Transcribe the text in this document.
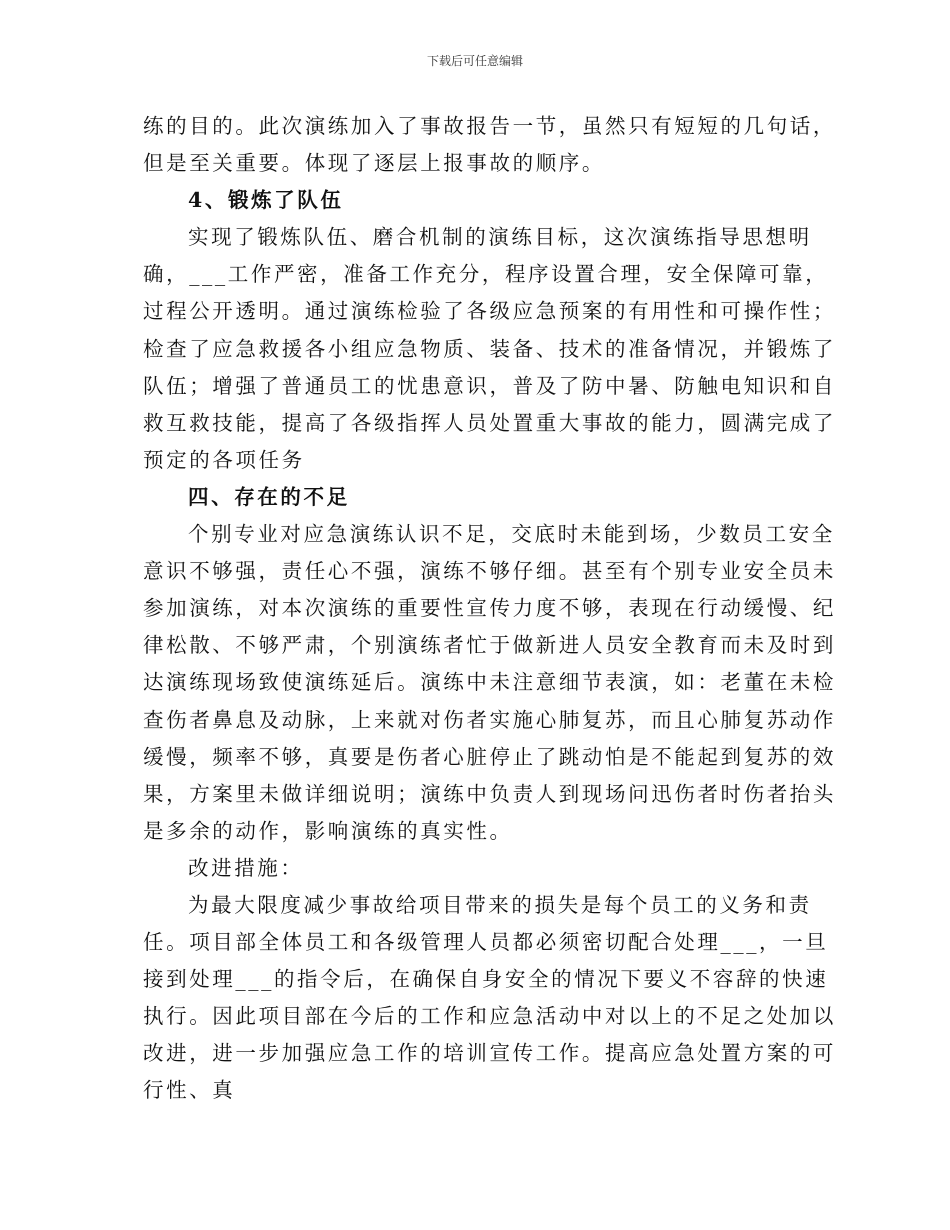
下载后可任意编辑

练的目的。此次演练加入了事故报告一节，虽然只有短短的几句话，但是至关重要。体现了逐层上报事故的顺序。

4、锻炼了队伍

实现了锻炼队伍、磨合机制的演练目标，这次演练指导思想明确，___工作严密，准备工作充分，程序设置合理，安全保障可靠，过程公开透明。通过演练检验了各级应急预案的有用性和可操作性；检查了应急救援各小组应急物质、装备、技术的准备情况，并锻炼了队伍；增强了普通员工的忧患意识，普及了防中暑、防触电知识和自救互救技能，提高了各级指挥人员处置重大事故的能力，圆满完成了预定的各项任务

四、存在的不足

个别专业对应急演练认识不足，交底时未能到场，少数员工安全意识不够强，责任心不强，演练不够仔细。甚至有个别专业安全员未参加演练，对本次演练的重要性宣传力度不够，表现在行动缓慢、纪律松散、不够严肃，个别演练者忙于做新进人员安全教育而未及时到达演练现场致使演练延后。演练中未注意细节表演，如：老董在未检查伤者鼻息及动脉，上来就对伤者实施心肺复苏，而且心肺复苏动作缓慢，频率不够，真要是伤者心脏停止了跳动怕是不能起到复苏的效果，方案里未做详细说明；演练中负责人到现场问迅伤者时伤者抬头是多余的动作，影响演练的真实性。

改进措施：

为最大限度减少事故给项目带来的损失是每个员工的义务和责任。项目部全体员工和各级管理人员都必须密切配合处理___，一旦接到处理___的指令后，在确保自身安全的情况下要义不容辞的快速执行。因此项目部在今后的工作和应急活动中对以上的不足之处加以改进，进一步加强应急工作的培训宣传工作。提高应急处置方案的可行性、真
